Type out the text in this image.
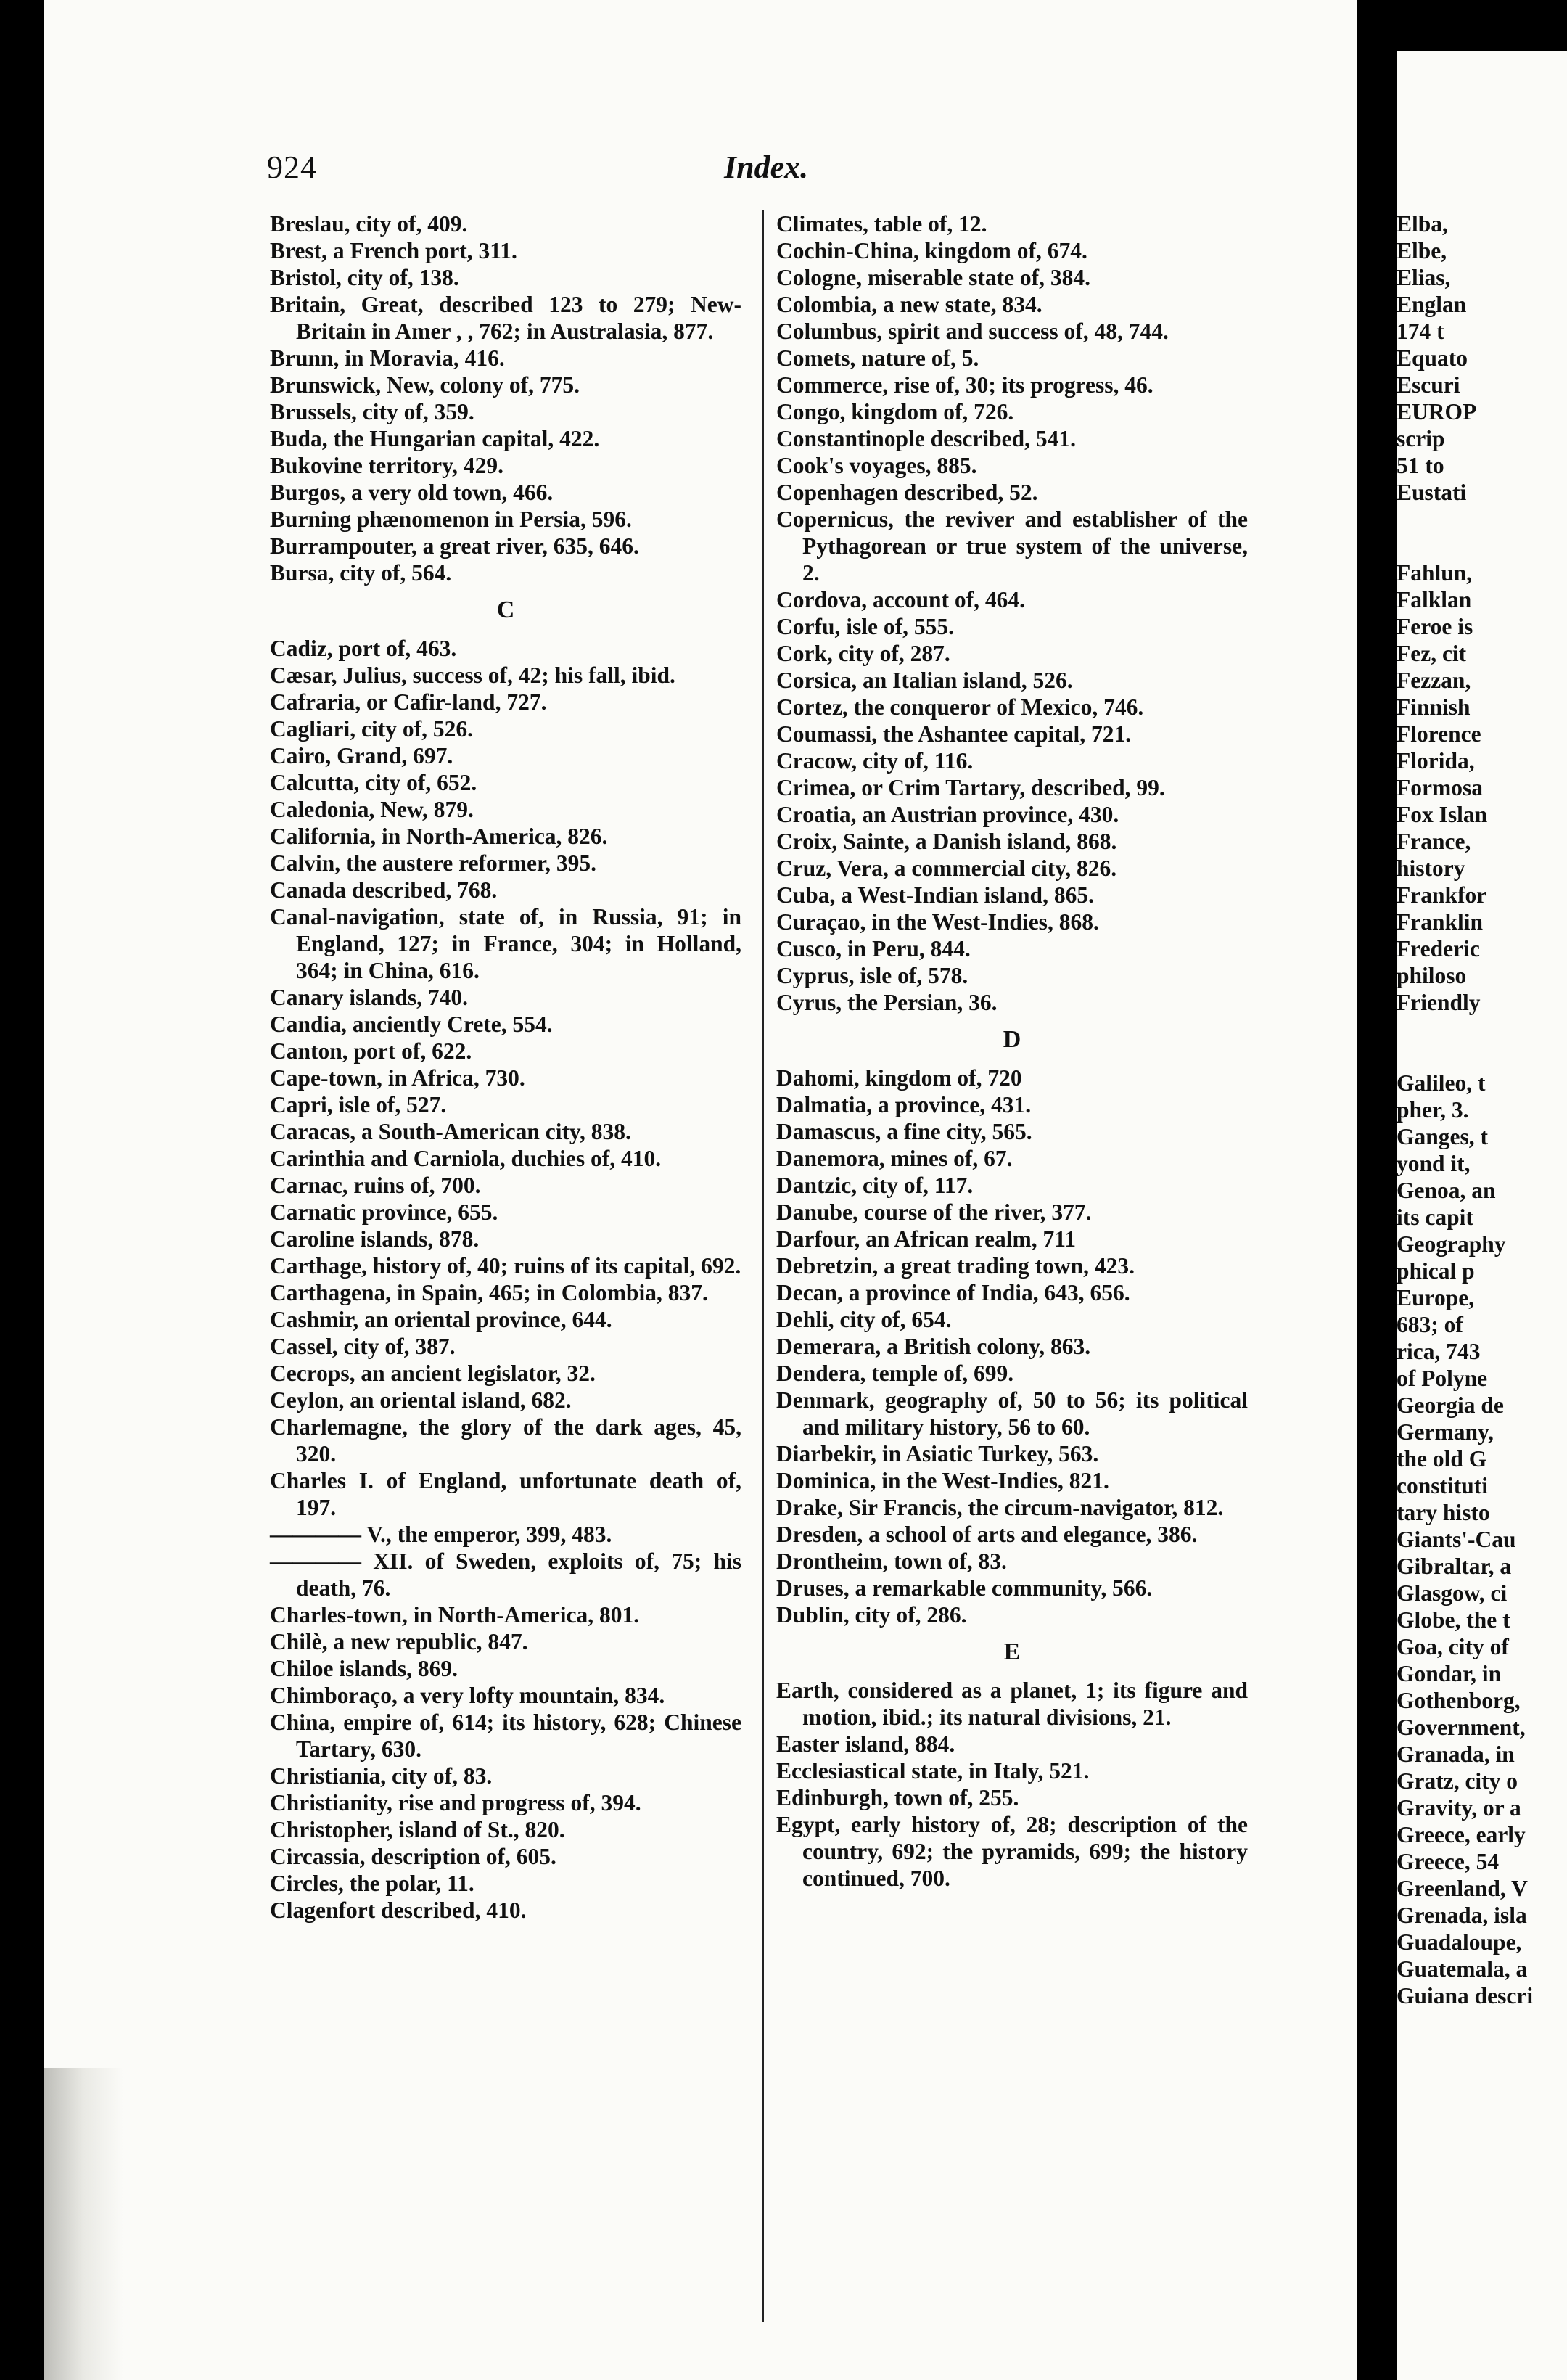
924	Index.

Breslau, city of, 409.

Brest, a French port, 311.

Bristol, city of, 138.

Britain, Great, described 123 to 279; New-Britain in Amer , , 762; in Australasia, 877.

Brunn, in Moravia, 416.

Brunswick, New, colony of, 775.

Brussels, city of, 359.

Buda, the Hungarian capital, 422.

Bukovine territory, 429.

Burgos, a very old town, 466.

Burning phænomenon in Persia, 596.

Burrampouter, a great river, 635, 646.

Bursa, city of, 564.

C

Cadiz, port of, 463.

Cæsar, Julius, success of, 42; his fall, ibid.

Cafraria, or Cafir-land, 727.

Cagliari, city of, 526.

Cairo, Grand, 697.

Calcutta, city of, 652.

Caledonia, New, 879.

California, in North-America, 826.

Calvin, the austere reformer, 395.

Canada described, 768.

Canal-navigation, state of, in Russia, 91; in England, 127; in France, 304; in Holland, 364; in China, 616.

Canary islands, 740.

Candia, anciently Crete, 554.

Canton, port of, 622.

Cape-town, in Africa, 730.

Capri, isle of, 527.

Caracas, a South-American city, 838.

Carinthia and Carniola, duchies of, 410.

Carnac, ruins of, 700.

Carnatic province, 655.

Caroline islands, 878.

Carthage, history of, 40; ruins of its capital, 692.

Carthagena, in Spain, 465; in Colombia, 837.

Cashmir, an oriental province, 644.

Cassel, city of, 387.

Cecrops, an ancient legislator, 32.

Ceylon, an oriental island, 682.

Charlemagne, the glory of the dark ages, 45, 320.

Charles I. of England, unfortunate death of, 197.

———— V., the emperor, 399, 483.

———— XII. of Sweden, exploits of, 75; his death, 76.

Charles-town, in North-America, 801.

Chilè, a new republic, 847.

Chiloe islands, 869.

Chimboraço, a very lofty mountain, 834.

China, empire of, 614; its history, 628; Chinese Tartary, 630.

Christiania, city of, 83.

Christianity, rise and progress of, 394.

Christopher, island of St., 820.

Circassia, description of, 605.

Circles, the polar, 11.

Clagenfort described, 410.

Climates, table of, 12.

Cochin-China, kingdom of, 674.

Cologne, miserable state of, 384.

Colombia, a new state, 834.

Columbus, spirit and success of, 48, 744.

Comets, nature of, 5.

Commerce, rise of, 30; its progress, 46.

Congo, kingdom of, 726.

Constantinople described, 541.

Cook's voyages, 885.

Copenhagen described, 52.

Copernicus, the reviver and establisher of the Pythagorean or true system of the universe, 2.

Cordova, account of, 464.

Corfu, isle of, 555.

Cork, city of, 287.

Corsica, an Italian island, 526.

Cortez, the conqueror of Mexico, 746.

Coumassi, the Ashantee capital, 721.

Cracow, city of, 116.

Crimea, or Crim Tartary, described, 99.

Croatia, an Austrian province, 430.

Croix, Sainte, a Danish island, 868.

Cruz, Vera, a commercial city, 826.

Cuba, a West-Indian island, 865.

Curaçao, in the West-Indies, 868.

Cusco, in Peru, 844.

Cyprus, isle of, 578.

Cyrus, the Persian, 36.

D

Dahomi, kingdom of, 720

Dalmatia, a province, 431.

Damascus, a fine city, 565.

Danemora, mines of, 67.

Dantzic, city of, 117.

Danube, course of the river, 377.

Darfour, an African realm, 711

Debretzin, a great trading town, 423.

Decan, a province of India, 643, 656.

Dehli, city of, 654.

Demerara, a British colony, 863.

Dendera, temple of, 699.

Denmark, geography of, 50 to 56; its political and military history, 56 to 60.

Diarbekir, in Asiatic Turkey, 563.

Dominica, in the West-Indies, 821.

Drake, Sir Francis, the circum-navigator, 812.

Dresden, a school of arts and elegance, 386.

Drontheim, town of, 83.

Druses, a remarkable community, 566.

Dublin, city of, 286.

E

Earth, considered as a planet, 1; its figure and motion, ibid.; its natural divisions, 21.

Easter island, 884.

Ecclesiastical state, in Italy, 521.

Edinburgh, town of, 255.

Egypt, early history of, 28; description of the country, 692; the pyramids, 699; the history continued, 700.

Elba,
Elbe,
Elias,
Englan
174 t
Equato
Escuri
EUROP
scrip
51 to
Eustati
Fahlun,
Falklan
Feroe is
Fez, cit
Fezzan,
Finnish
Florence
Florida,
Formosa
Fox Islan
France,
history
Frankfor
Franklin
Frederic
philoso
Friendly
Galileo, t
pher, 3.
Ganges, t
yond it,
Genoa, an
its capit
Geography
phical p
Europe,
683; of
rica, 743
of Polyne
Georgia de
Germany,
the old G
constituti
tary histo
Giants'-Cau
Gibraltar, a
Glasgow, ci
Globe, the t
Goa, city of
Gondar, in
Gothenborg,
Government,
Granada, in
Gratz, city o
Gravity, or a
Greece, early
Greece, 54
Greenland, V
Grenada, isla
Guadaloupe,
Guatemala, a
Guiana descri
